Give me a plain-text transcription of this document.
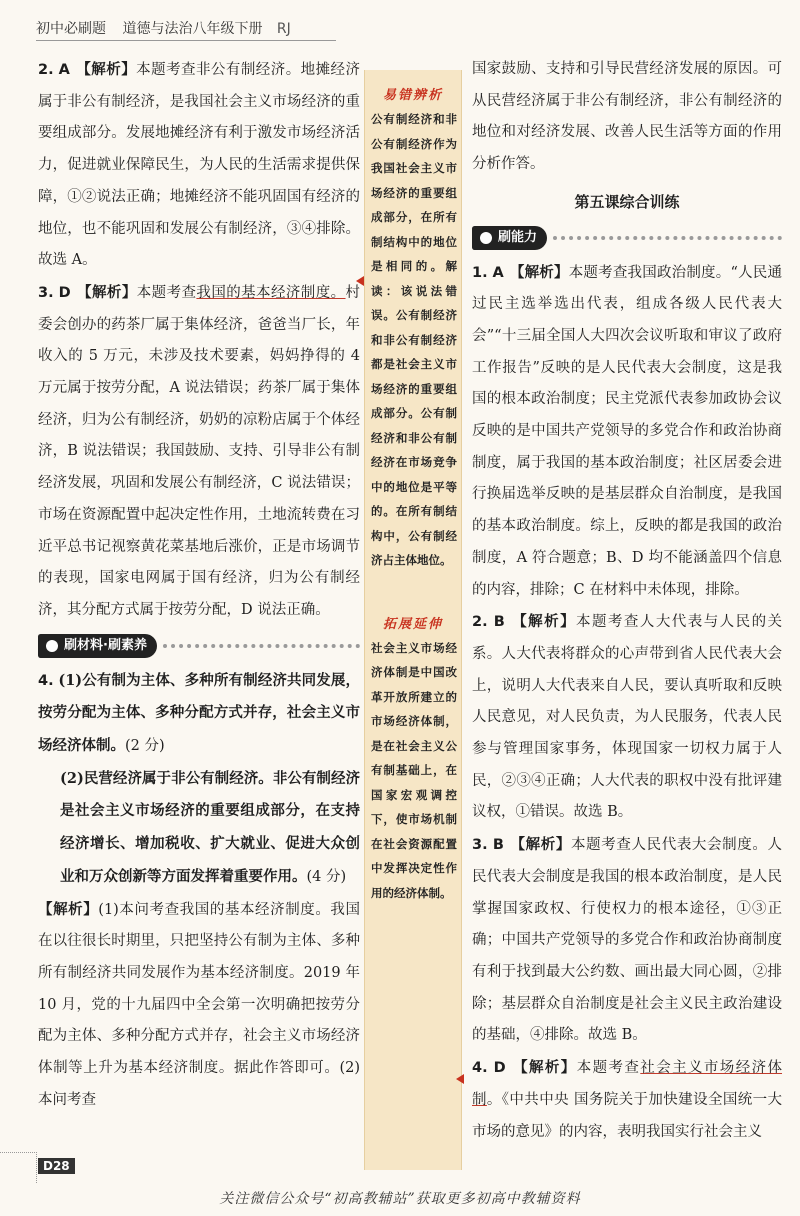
初中必刷题 道德与法治八年级下册 RJ

2. A 【解析】本题考查非公有制经济。地摊经济属于非公有制经济，是我国社会主义市场经济的重要组成部分。发展地摊经济有利于激发市场经济活力，促进就业保障民生，为人民的生活需求提供保障，①②说法正确；地摊经济不能巩固国有经济的地位，也不能巩固和发展公有制经济，③④排除。故选 A。

3. D 【解析】本题考查我国的基本经济制度。村委会创办的药茶厂属于集体经济，爸爸当厂长，年收入的 5 万元，未涉及技术要素，妈妈挣得的 4 万元属于按劳分配，A 说法错误；药茶厂属于集体经济，归为公有制经济，奶奶的凉粉店属于个体经济，B 说法错误；我国鼓励、支持、引导非公有制经济发展，巩固和发展公有制经济，C 说法错误；市场在资源配置中起决定性作用，土地流转费在习近平总书记视察黄花菜基地后涨价，正是市场调节的表现，国家电网属于国有经济，归为公有制经济，其分配方式属于按劳分配，D 说法正确。

刷材料·刷素养

4. (1)公有制为主体、多种所有制经济共同发展，按劳分配为主体、多种分配方式并存，社会主义市场经济体制。(2 分)

(2)民营经济属于非公有制经济。非公有制经济是社会主义市场经济的重要组成部分，在支持经济增长、增加税收、扩大就业、促进大众创业和万众创新等方面发挥着重要作用。(4 分)

【解析】(1)本问考查我国的基本经济制度。我国在以往很长时期里，只把坚持公有制为主体、多种所有制经济共同发展作为基本经济制度。2019 年 10 月，党的十九届四中全会第一次明确把按劳分配为主体、多种分配方式并存，社会主义市场经济体制等上升为基本经济制度。据此作答即可。(2)本问考查

易错辨析
公有制经济和非公有制经济作为我国社会主义市场经济的重要组成部分，在所有制结构中的地位是相同的。解读：该说法错误。公有制经济和非公有制经济都是社会主义市场经济的重要组成部分。公有制经济和非公有制经济在市场竞争中的地位是平等的。在所有制结构中，公有制经济占主体地位。
拓展延伸
社会主义市场经济体制是中国改革开放所建立的市场经济体制，是在社会主义公有制基础上，在国家宏观调控下，使市场机制在社会资源配置中发挥决定性作用的经济体制。

国家鼓励、支持和引导民营经济发展的原因。可从民营经济属于非公有制经济，非公有制经济的地位和对经济发展、改善人民生活等方面的作用分析作答。

第五课综合训练
刷能力

1. A 【解析】本题考查我国政治制度。“人民通过民主选举选出代表，组成各级人民代表大会”“十三届全国人大四次会议听取和审议了政府工作报告”反映的是人民代表大会制度，这是我国的根本政治制度；民主党派代表参加政协会议反映的是中国共产党领导的多党合作和政治协商制度，属于我国的基本政治制度；社区居委会进行换届选举反映的是基层群众自治制度，是我国的基本政治制度。综上，反映的都是我国的政治制度，A 符合题意；B、D 均不能涵盖四个信息的内容，排除；C 在材料中未体现，排除。

2. B 【解析】本题考查人大代表与人民的关系。人大代表将群众的心声带到省人民代表大会上，说明人大代表来自人民，要认真听取和反映人民意见，对人民负责，为人民服务，代表人民参与管理国家事务，体现国家一切权力属于人民，②③④正确；人大代表的职权中没有批评建议权，①错误。故选 B。

3. B 【解析】本题考查人民代表大会制度。人民代表大会制度是我国的根本政治制度，是人民掌握国家政权、行使权力的根本途径，①③正确；中国共产党领导的多党合作和政治协商制度有利于找到最大公约数、画出最大同心圆，②排除；基层群众自治制度是社会主义民主政治建设的基础，④排除。故选 B。

4. D 【解析】本题考查社会主义市场经济体制。《中共中央 国务院关于加快建设全国统一大市场的意见》的内容，表明我国实行社会主义

D28
关注微信公众号“初高教辅站”获取更多初高中教辅资料
